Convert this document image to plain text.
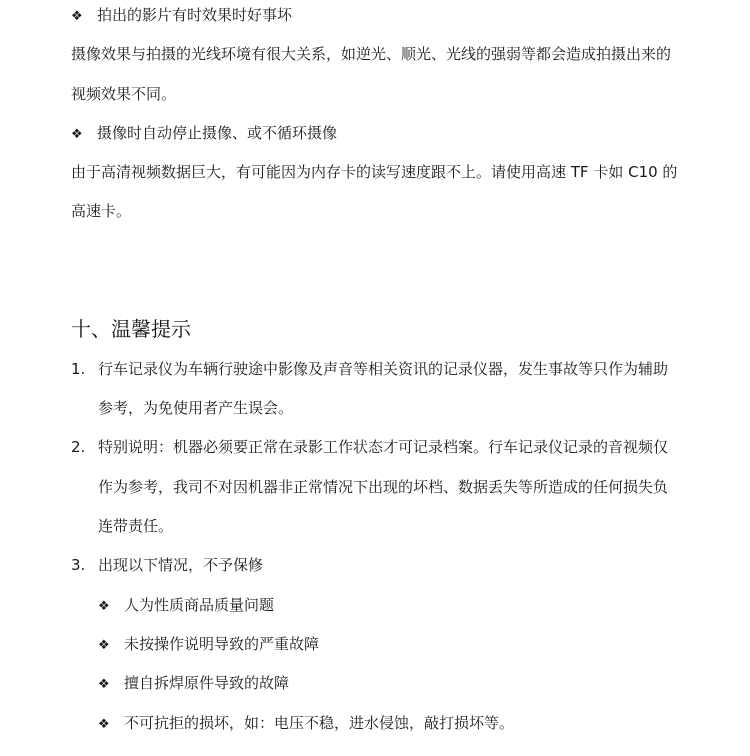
❖ 拍出的影片有时效果时好事坏
摄像效果与拍摄的光线环境有很大关系，如逆光、顺光、光线的强弱等都会造成拍摄出来的
视频效果不同。
❖ 摄像时自动停止摄像、或不循环摄像
由于高清视频数据巨大，有可能因为内存卡的读写速度跟不上。请使用高速 TF 卡如 C10 的
高速卡。
十、温馨提示
1. 行车记录仪为车辆行驶途中影像及声音等相关资讯的记录仪器，发生事故等只作为辅助
参考，为免使用者产生误会。
2. 特别说明：机器必须要正常在录影工作状态才可记录档案。行车记录仪记录的音视频仅
作为参考，我司不对因机器非正常情况下出现的坏档、数据丢失等所造成的任何损失负
连带责任。
3. 出现以下情况，不予保修
❖ 人为性质商品质量问题
❖ 未按操作说明导致的严重故障
❖ 擅自拆焊原件导致的故障
❖ 不可抗拒的损坏，如：电压不稳，进水侵蚀，敲打损坏等。
